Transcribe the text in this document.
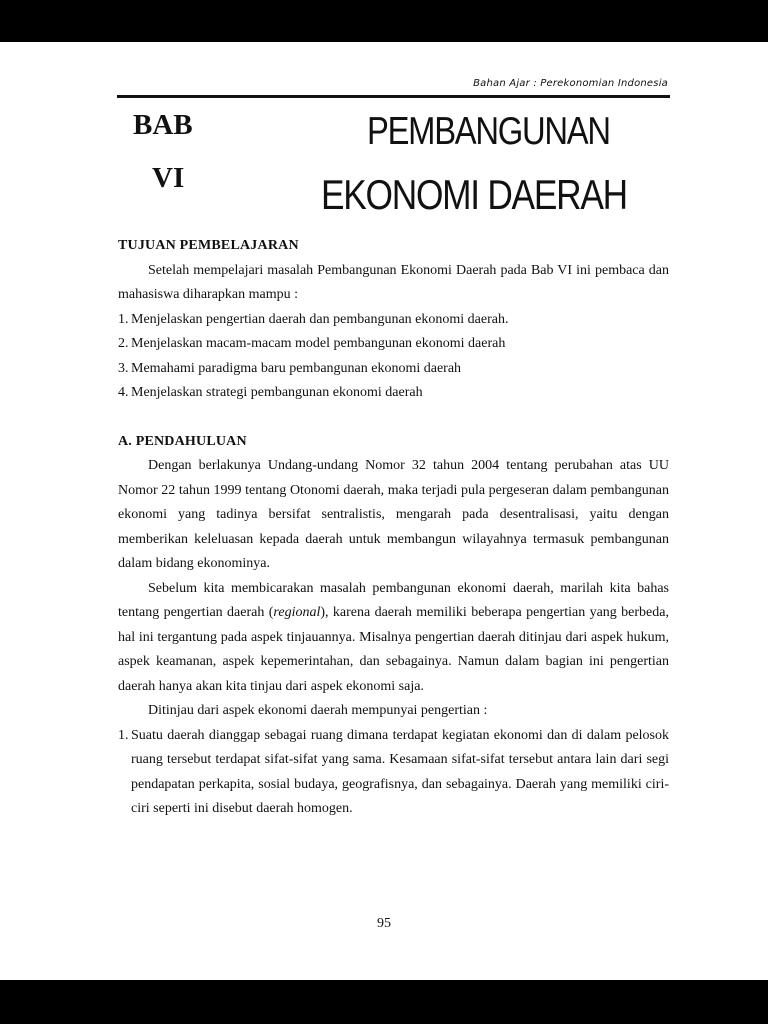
Bahan Ajar : Perekonomian Indonesia
BAB
VI
PEMBANGUNAN
EKONOMI DAERAH

TUJUAN PEMBELAJARAN

Setelah mempelajari masalah Pembangunan Ekonomi Daerah pada Bab VI ini pembaca dan mahasiswa diharapkan mampu :

1. Menjelaskan pengertian daerah dan pembangunan ekonomi daerah.
2. Menjelaskan macam-macam model pembangunan ekonomi daerah
3. Memahami paradigma baru pembangunan ekonomi daerah
4. Menjelaskan strategi pembangunan ekonomi daerah

A. PENDAHULUAN

Dengan berlakunya Undang-undang Nomor 32 tahun 2004 tentang perubahan atas UU Nomor 22 tahun 1999 tentang Otonomi daerah, maka terjadi pula pergeseran dalam pembangunan ekonomi yang tadinya bersifat sentralistis, mengarah pada desentralisasi, yaitu dengan memberikan keleluasan kepada daerah untuk membangun wilayahnya termasuk pembangunan dalam bidang ekonominya.

Sebelum kita membicarakan masalah pembangunan ekonomi daerah, marilah kita bahas tentang pengertian daerah (regional), karena daerah memiliki beberapa pengertian yang berbeda, hal ini tergantung pada aspek tinjauannya. Misalnya pengertian daerah ditinjau dari aspek hukum, aspek keamanan, aspek kepemerintahan, dan sebagainya. Namun dalam bagian ini pengertian daerah hanya akan kita tinjau dari aspek ekonomi saja.

Ditinjau dari aspek ekonomi daerah mempunyai pengertian :

1. Suatu daerah dianggap sebagai ruang dimana terdapat kegiatan ekonomi dan di dalam pelosok ruang tersebut terdapat sifat-sifat yang sama. Kesamaan sifat-sifat tersebut antara lain dari segi pendapatan perkapita, sosial budaya, geografisnya, dan sebagainya. Daerah yang memiliki ciri-ciri seperti ini disebut daerah homogen.
95
